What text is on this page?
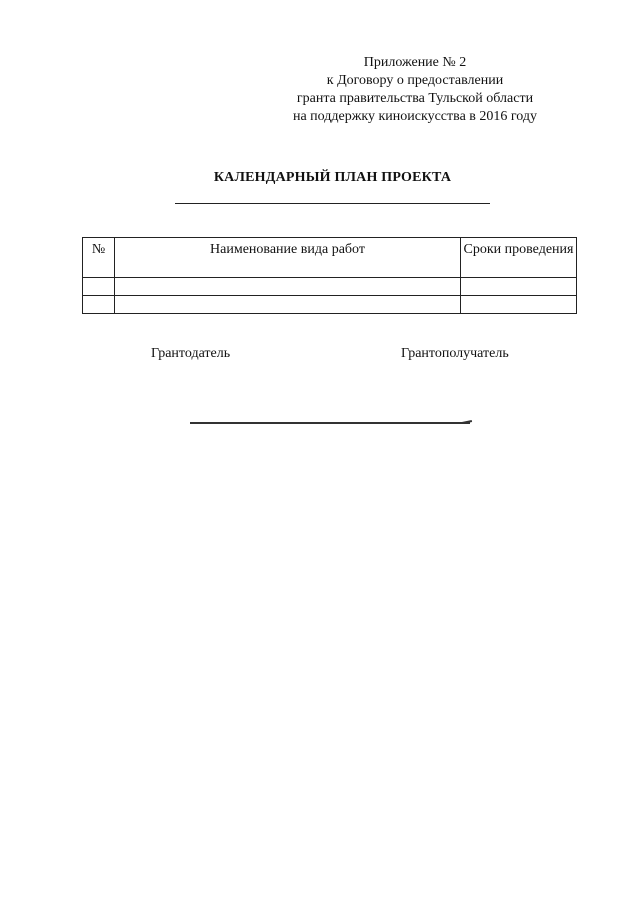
Приложение № 2
к Договору о предоставлении
гранта правительства Тульской области
на поддержку киноискусства в 2016 году
КАЛЕНДАРНЫЙ ПЛАН ПРОЕКТА
№	Наименование вида работ	Сроки проведения

Грантодатель	Грантополучатель
